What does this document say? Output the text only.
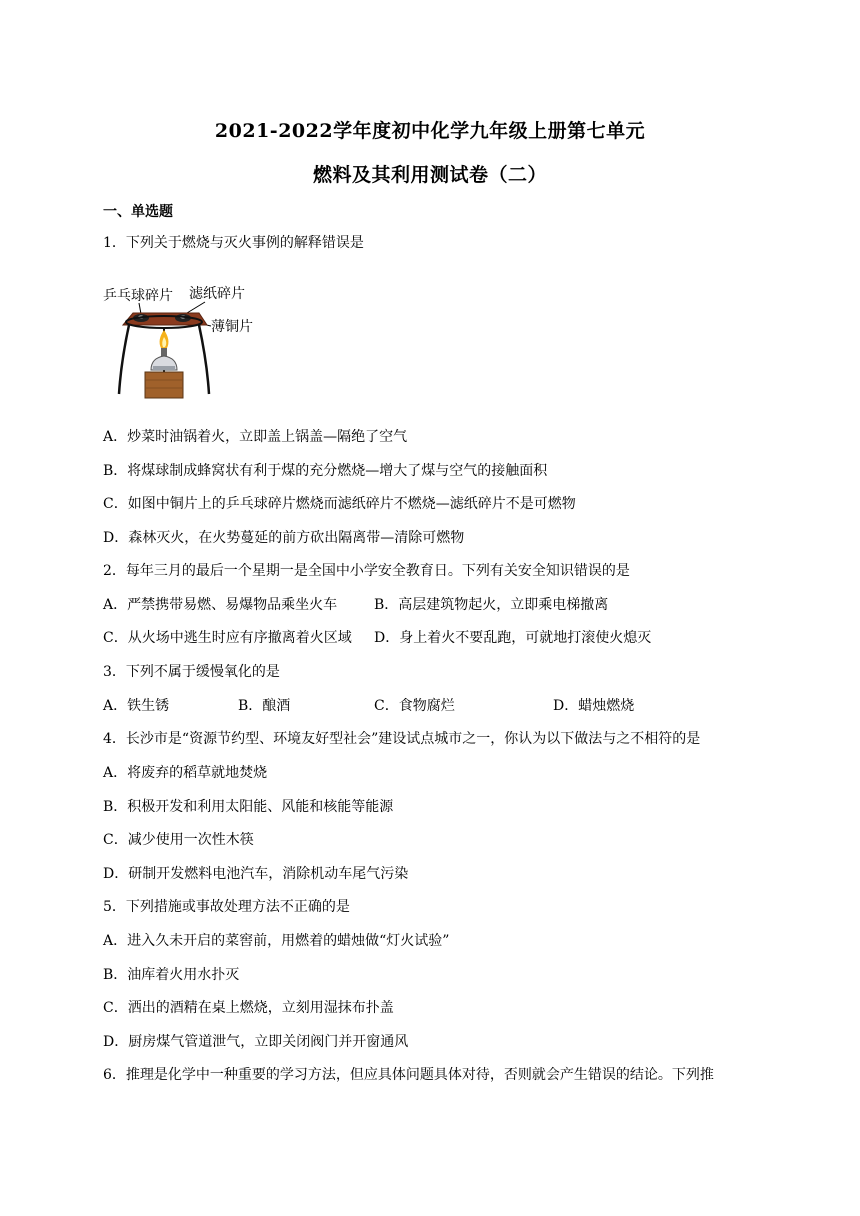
2021-2022学年度初中化学九年级上册第七单元
燃料及其利用测试卷（二）
一、单选题
1．下列关于燃烧与灭火事例的解释错误是
乒乓球碎片 滤纸碎片
薄铜片
A．炒菜时油锅着火，立即盖上锅盖—隔绝了空气
B．将煤球制成蜂窝状有利于煤的充分燃烧—增大了煤与空气的接触面积
C．如图中铜片上的乒乓球碎片燃烧而滤纸碎片不燃烧—滤纸碎片不是可燃物
D．森林灭火，在火势蔓延的前方砍出隔离带—清除可燃物
2．每年三月的最后一个星期一是全国中小学安全教育日。下列有关安全知识错误的是
A．严禁携带易燃、易爆物品乘坐火车	B．高层建筑物起火，立即乘电梯撤离
C．从火场中逃生时应有序撤离着火区域 D．身上着火不要乱跑，可就地打滚使火熄灭
3．下列不属于缓慢氧化的是
A．铁生锈	B．酿酒	C．食物腐烂	D．蜡烛燃烧
4．长沙市是“资源节约型、环境友好型社会”建设试点城市之一，你认为以下做法与之不相符的是
A．将废弃的稻草就地焚烧
B．积极开发和利用太阳能、风能和核能等能源
C．减少使用一次性木筷
D．研制开发燃料电池汽车，消除机动车尾气污染
5．下列措施或事故处理方法不正确的是
A．进入久未开启的菜窖前，用燃着的蜡烛做“灯火试验”
B．油库着火用水扑灭
C．洒出的酒精在桌上燃烧，立刻用湿抹布扑盖
D．厨房煤气管道泄气，立即关闭阀门并开窗通风
6．推理是化学中一种重要的学习方法，但应具体问题具体对待，否则就会产生错误的结论。下列推
